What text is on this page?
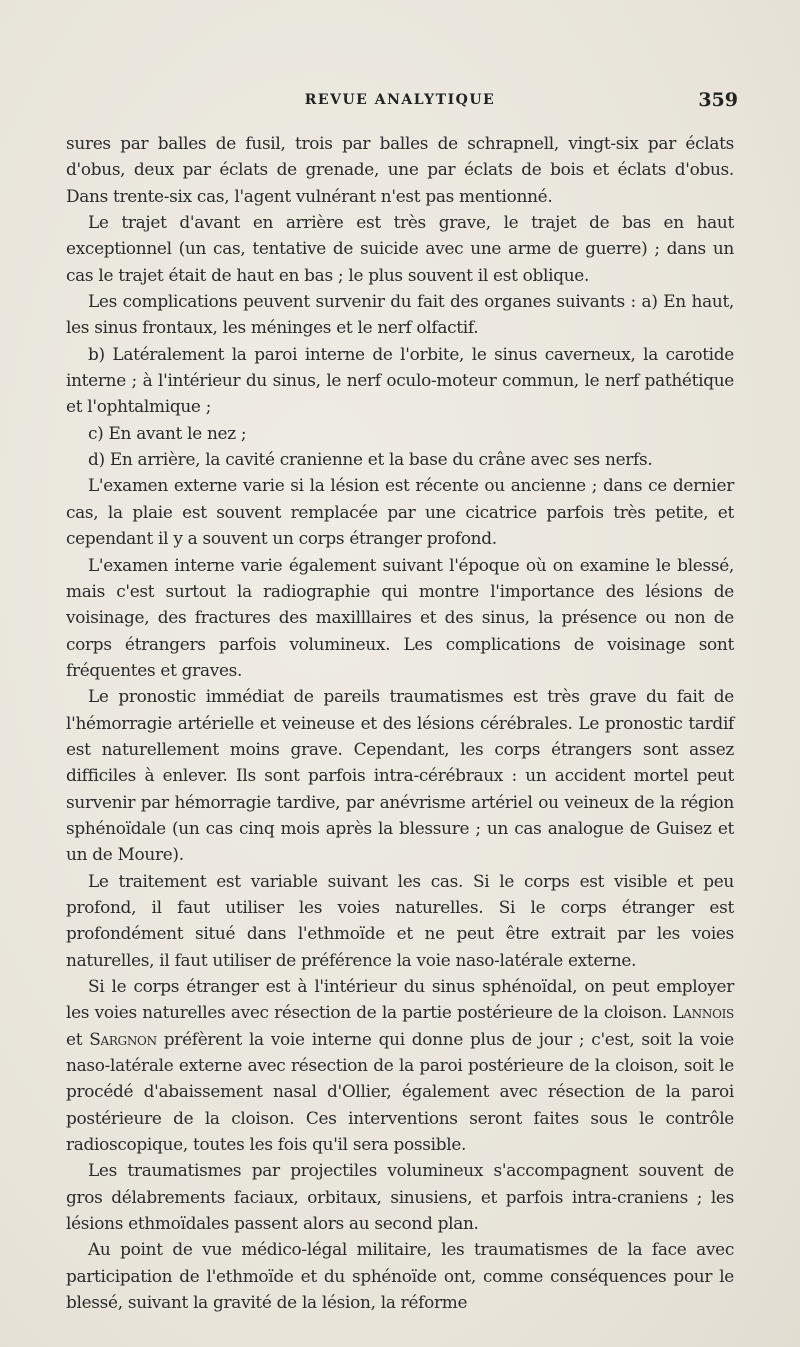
REVUE ANALYTIQUE	359

sures par balles de fusil, trois par balles de schrapnell, vingt-six par éclats d'obus, deux par éclats de grenade, une par éclats de bois et éclats d'obus. Dans trente-six cas, l'agent vulnérant n'est pas mentionné.

Le trajet d'avant en arrière est très grave, le trajet de bas en haut exceptionnel (un cas, tentative de suicide avec une arme de guerre) ; dans un cas le trajet était de haut en bas ; le plus souvent il est oblique.

Les complications peuvent survenir du fait des organes suivants : a) En haut, les sinus frontaux, les méninges et le nerf olfactif.

b) Latéralement la paroi interne de l'orbite, le sinus caverneux, la carotide interne ; à l'intérieur du sinus, le nerf oculo-moteur commun, le nerf pathétique et l'ophtalmique ;

c) En avant le nez ;

d) En arrière, la cavité cranienne et la base du crâne avec ses nerfs.

L'examen externe varie si la lésion est récente ou ancienne ; dans ce dernier cas, la plaie est souvent remplacée par une cicatrice parfois très petite, et cependant il y a souvent un corps étranger profond.

L'examen interne varie également suivant l'époque où on examine le blessé, mais c'est surtout la radiographie qui montre l'importance des lésions de voisinage, des fractures des maxilllaires et des sinus, la présence ou non de corps étrangers parfois volumineux. Les complications de voisinage sont fréquentes et graves.

Le pronostic immédiat de pareils traumatismes est très grave du fait de l'hémorragie artérielle et veineuse et des lésions cérébrales. Le pronostic tardif est naturellement moins grave. Cependant, les corps étrangers sont assez difficiles à enlever. Ils sont parfois intra-cérébraux : un accident mortel peut survenir par hémorragie tardive, par anévrisme artériel ou veineux de la région sphénoïdale (un cas cinq mois après la blessure ; un cas analogue de Guisez et un de Moure).

Le traitement est variable suivant les cas. Si le corps est visible et peu profond, il faut utiliser les voies naturelles. Si le corps étranger est profondément situé dans l'ethmoïde et ne peut être extrait par les voies naturelles, il faut utiliser de préférence la voie naso-latérale externe.

Si le corps étranger est à l'intérieur du sinus sphénoïdal, on peut employer les voies naturelles avec résection de la partie postérieure de la cloison. Lannois et Sargnon préfèrent la voie interne qui donne plus de jour ; c'est, soit la voie naso-latérale externe avec résection de la paroi postérieure de la cloison, soit le procédé d'abaissement nasal d'Ollier, également avec résection de la paroi postérieure de la cloison. Ces interventions seront faites sous le contrôle radioscopique, toutes les fois qu'il sera possible.

Les traumatismes par projectiles volumineux s'accompagnent souvent de gros délabrements faciaux, orbitaux, sinusiens, et parfois intra-craniens ; les lésions ethmoïdales passent alors au second plan.

Au point de vue médico-légal militaire, les traumatismes de la face avec participation de l'ethmoïde et du sphénoïde ont, comme conséquences pour le blessé, suivant la gravité de la lésion, la réforme
